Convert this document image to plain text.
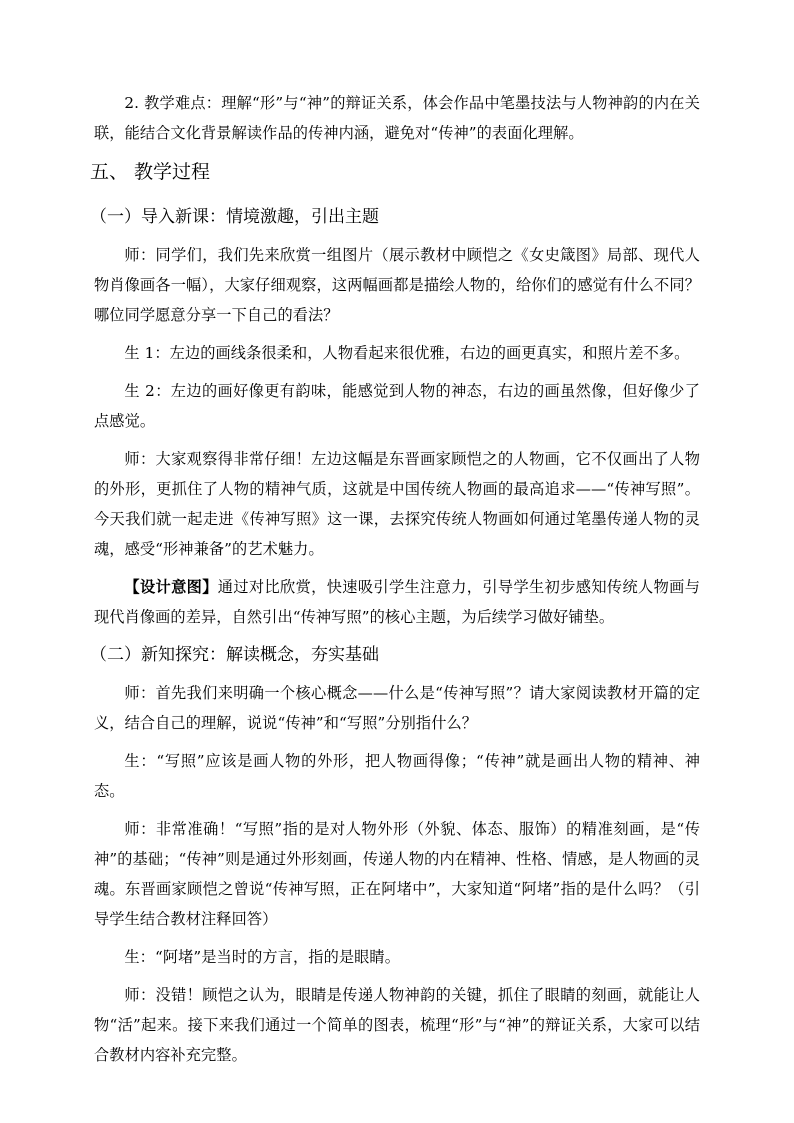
2. 教学难点：理解“形”与“神”的辩证关系，体会作品中笔墨技法与人物神韵的内在关联，能结合文化背景解读作品的传神内涵，避免对“传神”的表面化理解。

五、 教学过程
（一）导入新课：情境激趣，引出主题

师：同学们，我们先来欣赏一组图片（展示教材中顾恺之《女史箴图》局部、现代人物肖像画各一幅），大家仔细观察，这两幅画都是描绘人物的，给你们的感觉有什么不同？哪位同学愿意分享一下自己的看法？

生 1：左边的画线条很柔和，人物看起来很优雅，右边的画更真实，和照片差不多。

生 2：左边的画好像更有韵味，能感觉到人物的神态，右边的画虽然像，但好像少了点感觉。

师：大家观察得非常仔细！左边这幅是东晋画家顾恺之的人物画，它不仅画出了人物的外形，更抓住了人物的精神气质，这就是中国传统人物画的最高追求——“传神写照”。今天我们就一起走进《传神写照》这一课，去探究传统人物画如何通过笔墨传递人物的灵魂，感受“形神兼备”的艺术魅力。

【设计意图】通过对比欣赏，快速吸引学生注意力，引导学生初步感知传统人物画与现代肖像画的差异，自然引出“传神写照”的核心主题，为后续学习做好铺垫。

（二）新知探究：解读概念，夯实基础

师：首先我们来明确一个核心概念——什么是“传神写照”？请大家阅读教材开篇的定义，结合自己的理解，说说“传神”和“写照”分别指什么？

生：“写照”应该是画人物的外形，把人物画得像；“传神”就是画出人物的精神、神态。

师：非常准确！“写照”指的是对人物外形（外貌、体态、服饰）的精准刻画，是“传神”的基础；“传神”则是通过外形刻画，传递人物的内在精神、性格、情感，是人物画的灵魂。东晋画家顾恺之曾说“传神写照，正在阿堵中”，大家知道“阿堵”指的是什么吗？（引导学生结合教材注释回答）

生：“阿堵”是当时的方言，指的是眼睛。

师：没错！顾恺之认为，眼睛是传递人物神韵的关键，抓住了眼睛的刻画，就能让人物“活”起来。接下来我们通过一个简单的图表，梳理“形”与“神”的辩证关系，大家可以结合教材内容补充完整。
